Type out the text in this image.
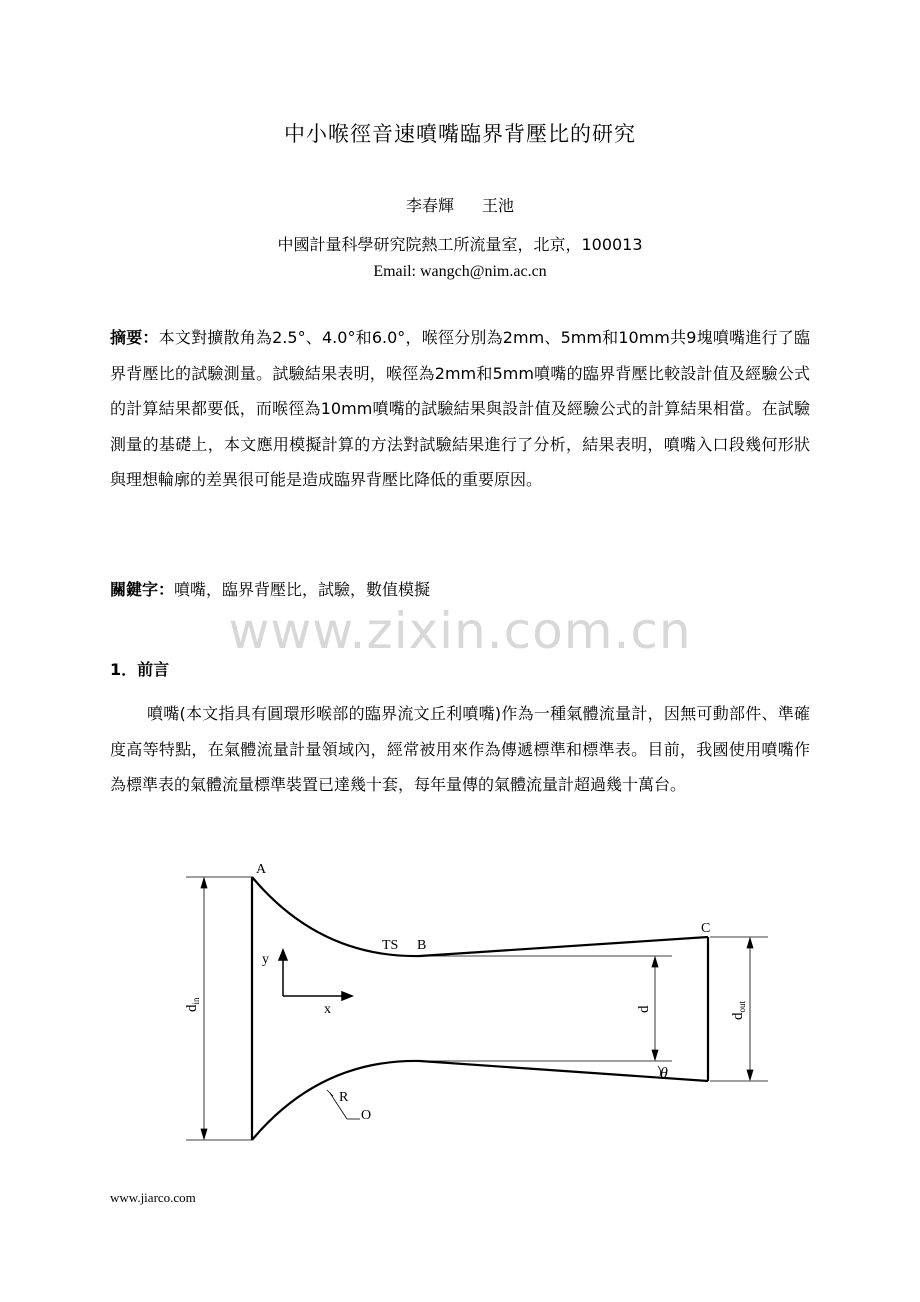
中小喉徑音速噴嘴臨界背壓比的研究
李春輝 王池
中國計量科學研究院熱工所流量室，北京，100013
Email: wangch@nim.ac.cn
摘要：本文對擴散角為2.5°、4.0°和6.0°，喉徑分別為2mm、5mm和10mm共9塊噴嘴進行了臨界背壓比的試驗測量。試驗結果表明，喉徑為2mm和5mm噴嘴的臨界背壓比較設計值及經驗公式的計算結果都要低，而喉徑為10mm噴嘴的試驗結果與設計值及經驗公式的計算結果相當。在試驗測量的基礎上，本文應用模擬計算的方法對試驗結果進行了分析，結果表明，噴嘴入口段幾何形狀與理想輪廓的差異很可能是造成臨界背壓比降低的重要原因。
關鍵字：噴嘴，臨界背壓比，試驗，數值模擬
www.zixin.com.cn
1．前言
噴嘴(本文指具有圓環形喉部的臨界流文丘利噴嘴)作為一種氣體流量計，因無可動部件、準確度高等特點，在氣體流量計量領域內，經常被用來作為傳遞標準和標準表。目前，我國使用噴嘴作為標準表的氣體流量標準裝置已達幾十套，每年量傳的氣體流量計超過幾十萬台。
A
TS B
C
y
x
$d_{in}$
d
$d_{out}$
θ
R
O
www.jiarco.com
